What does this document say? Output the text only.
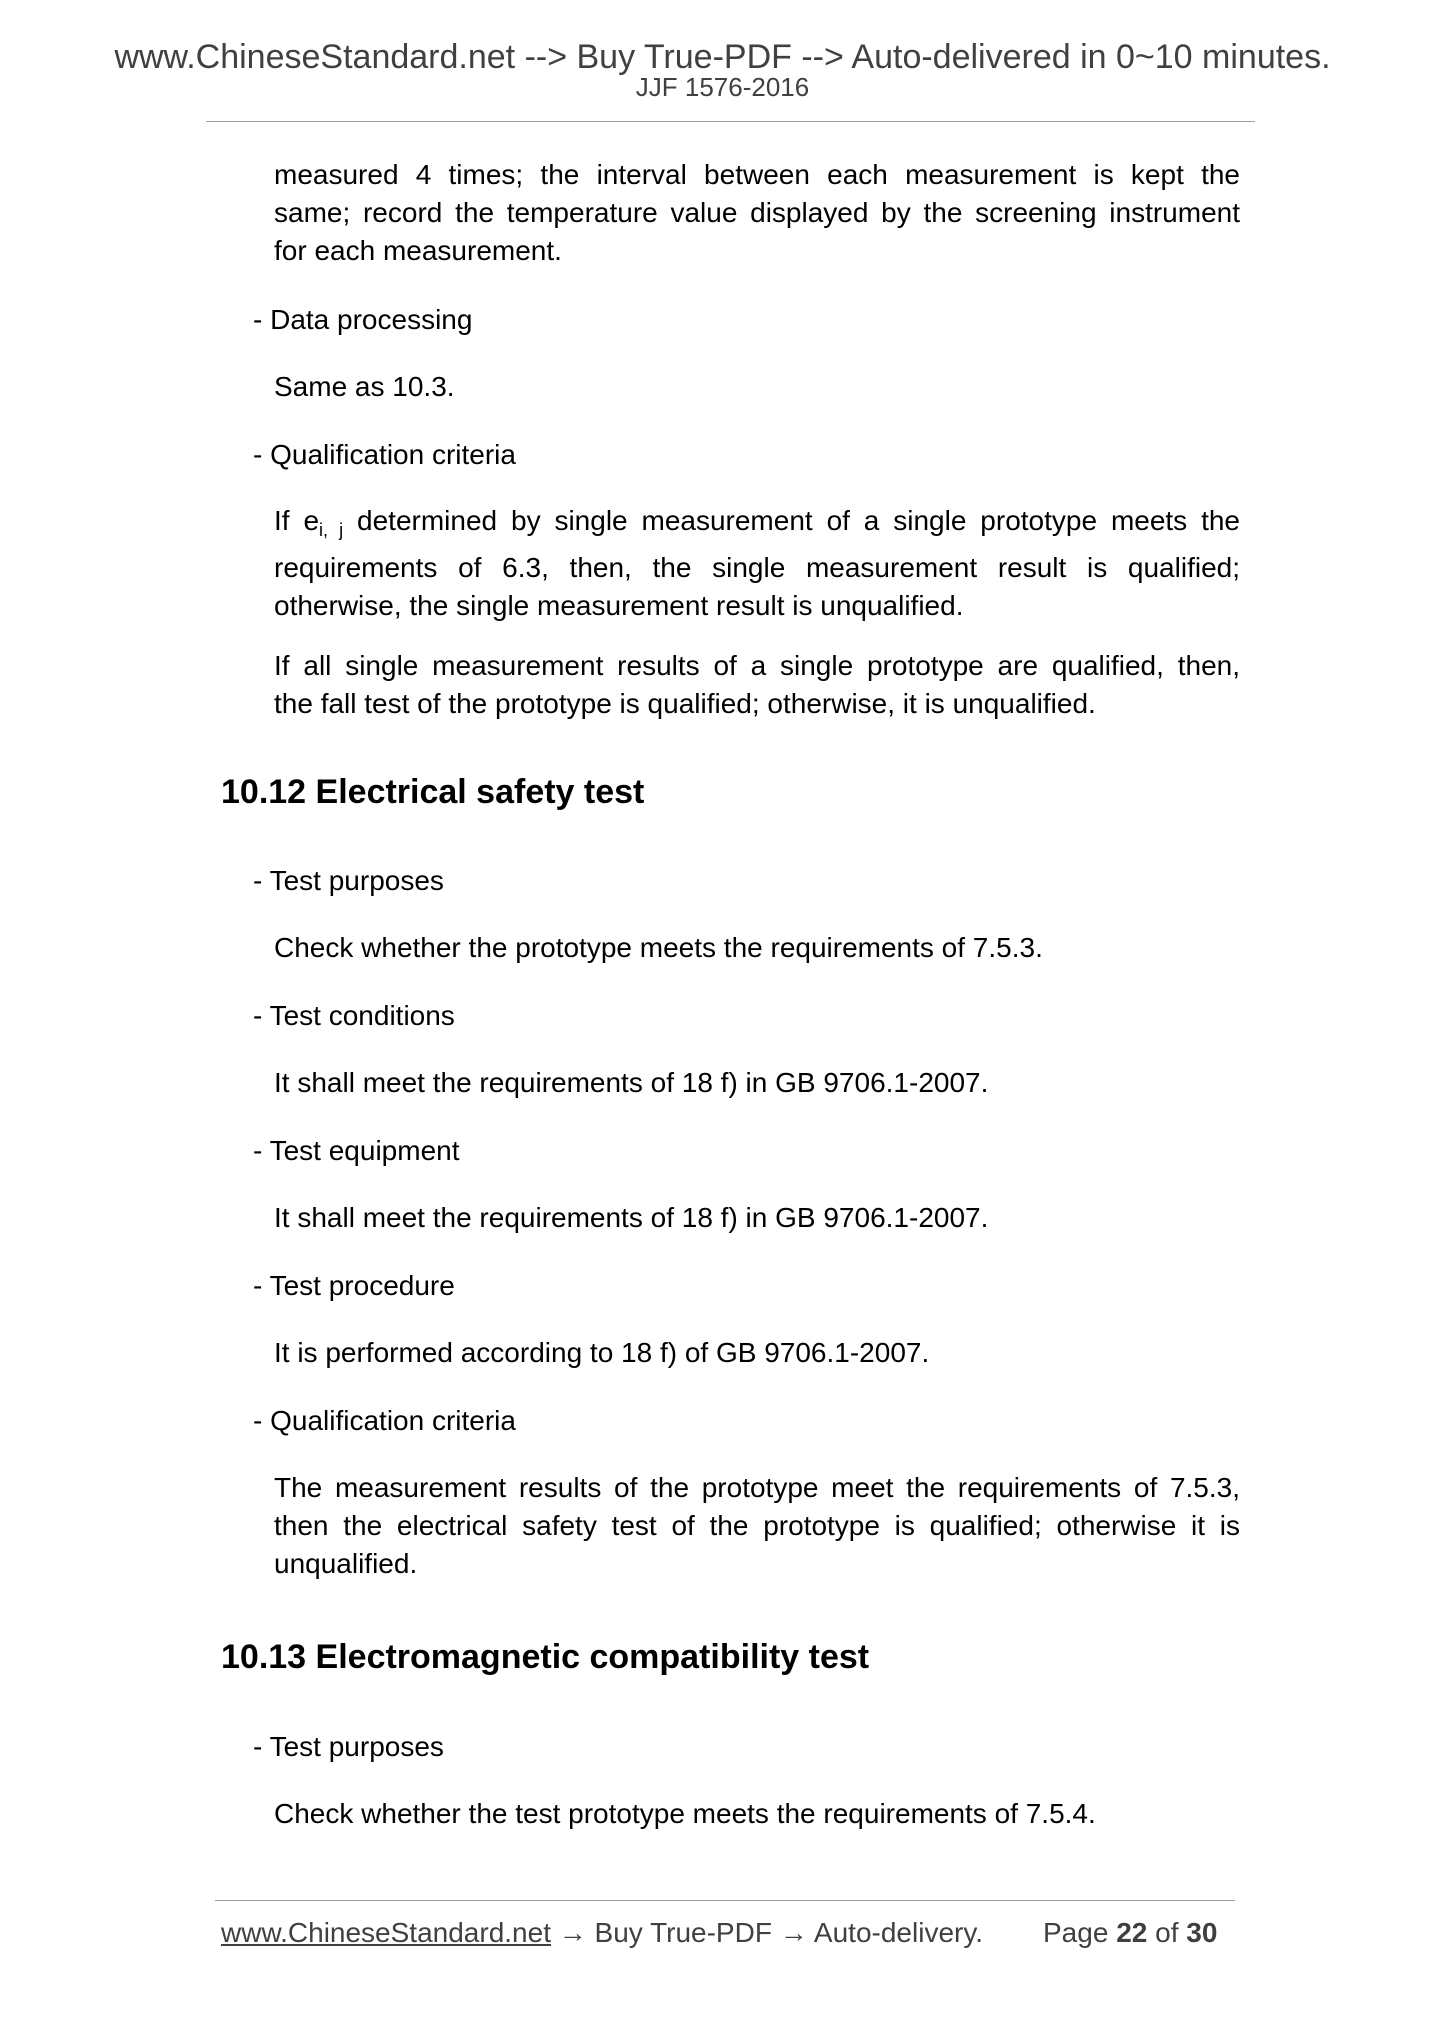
www.ChineseStandard.net --> Buy True-PDF --> Auto-delivered in 0~10 minutes.
JJF 1576-2016
measured 4 times; the interval between each measurement is kept the
same; record the temperature value displayed by the screening instrument
for each measurement.
- Data processing
Same as 10.3.
- Qualification criteria
If $e_{i, j}$ determined by single measurement of a single prototype meets the
requirements of 6.3, then, the single measurement result is qualified;
otherwise, the single measurement result is unqualified.
If all single measurement results of a single prototype are qualified, then,
the fall test of the prototype is qualified; otherwise, it is unqualified.
10.12 Electrical safety test
- Test purposes
Check whether the prototype meets the requirements of 7.5.3.
- Test conditions
It shall meet the requirements of 18 f) in GB 9706.1-2007.
- Test equipment
It shall meet the requirements of 18 f) in GB 9706.1-2007.
- Test procedure
It is performed according to 18 f) of GB 9706.1-2007.
- Qualification criteria
The measurement results of the prototype meet the requirements of 7.5.3,
then the electrical safety test of the prototype is qualified; otherwise it is
unqualified.
10.13 Electromagnetic compatibility test
- Test purposes
Check whether the test prototype meets the requirements of 7.5.4.
www.ChineseStandard.net → Buy True-PDF → Auto-delivery. Page 22 of 30
